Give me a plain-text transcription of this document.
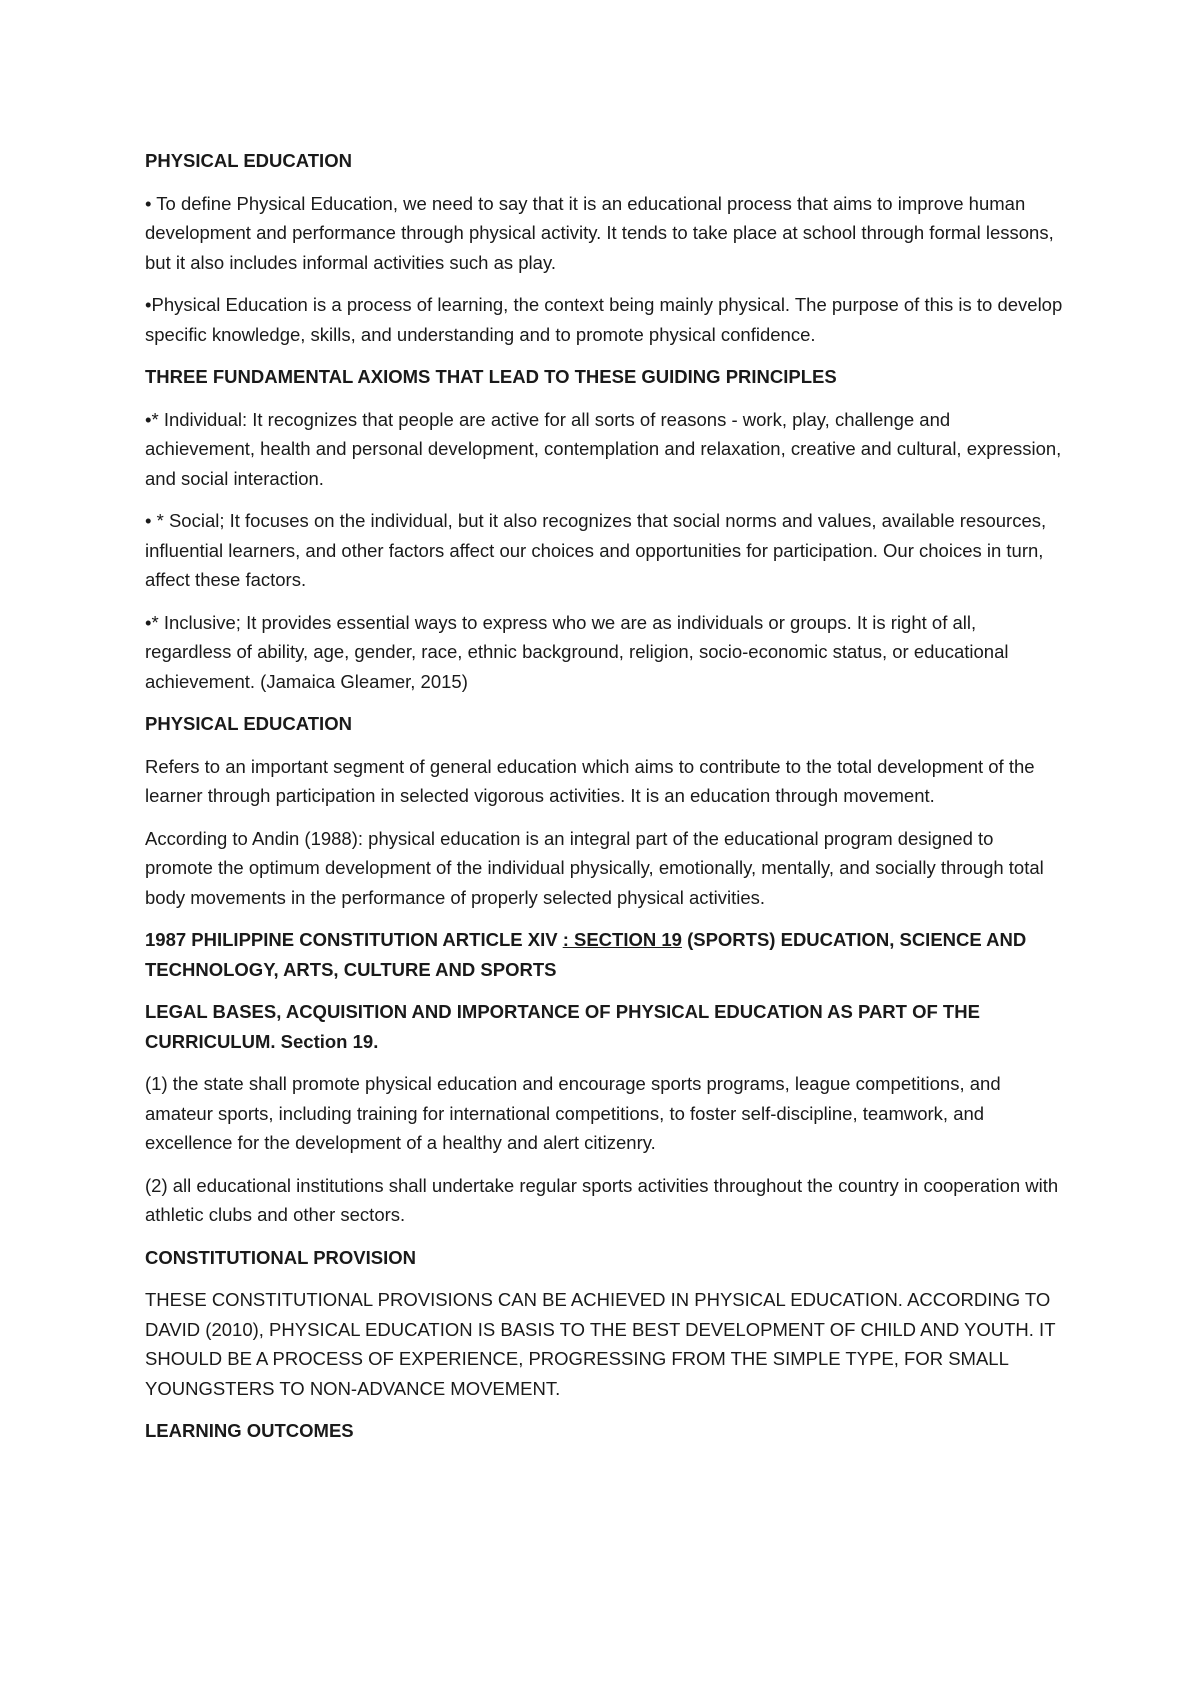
PHYSICAL EDUCATION

• To define Physical Education, we need to say that it is an educational process that aims to improve human development and performance through physical activity. It tends to take place at school through formal lessons, but it also includes informal activities such as play.

•Physical Education is a process of learning, the context being mainly physical. The purpose of this is to develop specific knowledge, skills, and understanding and to promote physical confidence.

THREE FUNDAMENTAL AXIOMS THAT LEAD TO THESE GUIDING PRINCIPLES

•* Individual: It recognizes that people are active for all sorts of reasons - work, play, challenge and achievement, health and personal development, contemplation and relaxation, creative and cultural, expression, and social interaction.

• * Social; It focuses on the individual, but it also recognizes that social norms and values, available resources, influential learners, and other factors affect our choices and opportunities for participation. Our choices in turn, affect these factors.

•* Inclusive; It provides essential ways to express who we are as individuals or groups. It is right of all, regardless of ability, age, gender, race, ethnic background, religion, socio-economic status, or educational achievement. (Jamaica Gleamer, 2015)

PHYSICAL EDUCATION

Refers to an important segment of general education which aims to contribute to the total development of the learner through participation in selected vigorous activities. It is an education through movement.

According to Andin (1988): physical education is an integral part of the educational program designed to promote the optimum development of the individual physically, emotionally, mentally, and socially through total body movements in the performance of properly selected physical activities.

1987 PHILIPPINE CONSTITUTION ARTICLE XIV : SECTION 19 (SPORTS) EDUCATION, SCIENCE AND TECHNOLOGY, ARTS, CULTURE AND SPORTS

LEGAL BASES, ACQUISITION AND IMPORTANCE OF PHYSICAL EDUCATION AS PART OF THE CURRICULUM. Section 19.

(1) the state shall promote physical education and encourage sports programs, league competitions, and amateur sports, including training for international competitions, to foster self-discipline, teamwork, and excellence for the development of a healthy and alert citizenry.

(2) all educational institutions shall undertake regular sports activities throughout the country in cooperation with athletic clubs and other sectors.

CONSTITUTIONAL PROVISION

THESE CONSTITUTIONAL PROVISIONS CAN BE ACHIEVED IN PHYSICAL EDUCATION. ACCORDING TO DAVID (2010), PHYSICAL EDUCATION IS BASIS TO THE BEST DEVELOPMENT OF CHILD AND YOUTH. IT SHOULD BE A PROCESS OF EXPERIENCE, PROGRESSING FROM THE SIMPLE TYPE, FOR SMALL YOUNGSTERS TO NON-ADVANCE MOVEMENT.

LEARNING OUTCOMES
